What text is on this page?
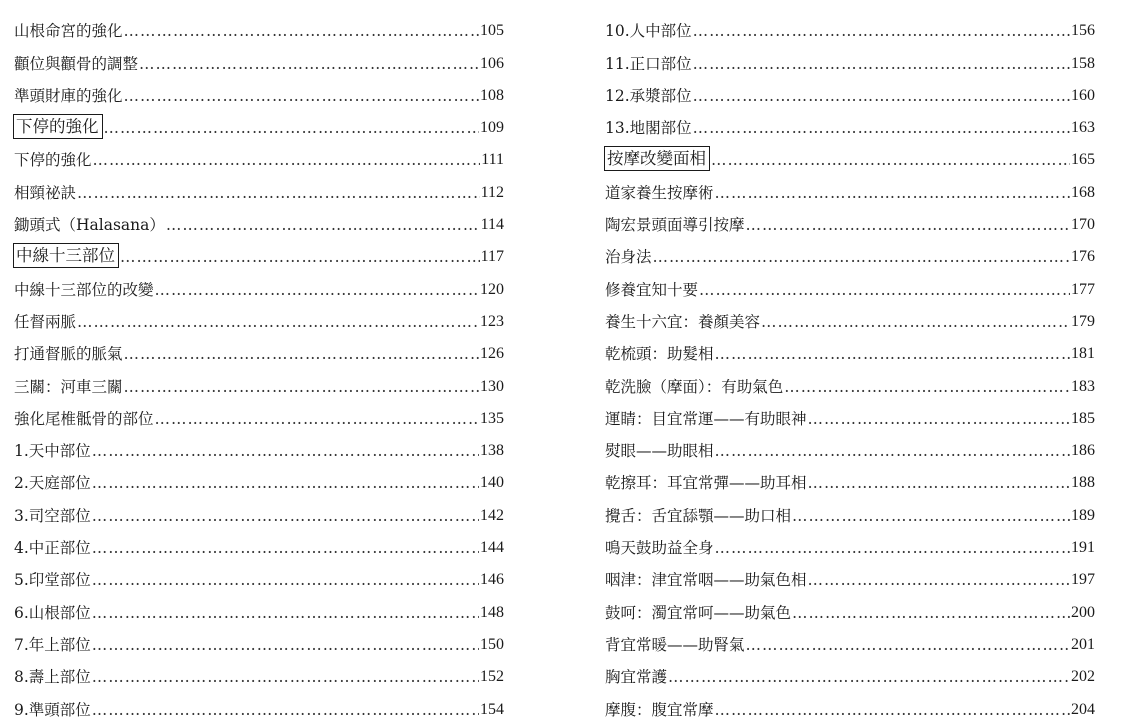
山根命宮的強化 …………………………………………………………………………………………………………………………………………………………	105
顴位與顴骨的調整 …………………………………………………………………………………………………………………………………………………………	106
準頭財庫的強化 …………………………………………………………………………………………………………………………………………………………	108
下停的強化 …………………………………………………………………………………………………………………………………………………………	109
下停的強化 …………………………………………………………………………………………………………………………………………………………	111
相頸祕訣 …………………………………………………………………………………………………………………………………………………………	112
鋤頭式（Halasana） …………………………………………………………………………………………………………………………………………………………	114
中線十三部位 …………………………………………………………………………………………………………………………………………………………	117
中線十三部位的改變 …………………………………………………………………………………………………………………………………………………………	120
任督兩脈 …………………………………………………………………………………………………………………………………………………………	123
打通督脈的脈氣 …………………………………………………………………………………………………………………………………………………………	126
三關：河車三關 …………………………………………………………………………………………………………………………………………………………	130
強化尾椎骶骨的部位 …………………………………………………………………………………………………………………………………………………………	135
1.天中部位 …………………………………………………………………………………………………………………………………………………………	138
2.天庭部位 …………………………………………………………………………………………………………………………………………………………	140
3.司空部位 …………………………………………………………………………………………………………………………………………………………	142
4.中正部位 …………………………………………………………………………………………………………………………………………………………	144
5.印堂部位 …………………………………………………………………………………………………………………………………………………………	146
6.山根部位 …………………………………………………………………………………………………………………………………………………………	148
7.年上部位 …………………………………………………………………………………………………………………………………………………………	150
8.壽上部位 …………………………………………………………………………………………………………………………………………………………	152
9.準頭部位 …………………………………………………………………………………………………………………………………………………………	154
10.人中部位 …………………………………………………………………………………………………………………………………………………………	156
11.正口部位 …………………………………………………………………………………………………………………………………………………………	158
12.承漿部位 …………………………………………………………………………………………………………………………………………………………	160
13.地閣部位 …………………………………………………………………………………………………………………………………………………………	163
按摩改變面相 …………………………………………………………………………………………………………………………………………………………	165
道家養生按摩術 …………………………………………………………………………………………………………………………………………………………	168
陶宏景頭面導引按摩 …………………………………………………………………………………………………………………………………………………………	170
治身法 …………………………………………………………………………………………………………………………………………………………	176
修養宜知十要 …………………………………………………………………………………………………………………………………………………………	177
養生十六宜：養顏美容 …………………………………………………………………………………………………………………………………………………………	179
乾梳頭：助髮相 …………………………………………………………………………………………………………………………………………………………	181
乾洗臉（摩面）：有助氣色 …………………………………………………………………………………………………………………………………………………………	183
運睛：目宜常運——有助眼神 …………………………………………………………………………………………………………………………………………………………	185
熨眼——助眼相 …………………………………………………………………………………………………………………………………………………………	186
乾擦耳：耳宜常彈——助耳相 …………………………………………………………………………………………………………………………………………………………	188
攪舌：舌宜舔顎——助口相 …………………………………………………………………………………………………………………………………………………………	189
鳴天鼓助益全身 …………………………………………………………………………………………………………………………………………………………	191
咽津：津宜常咽——助氣色相 …………………………………………………………………………………………………………………………………………………………	197
鼓呵：濁宜常呵——助氣色 …………………………………………………………………………………………………………………………………………………………	200
背宜常暖——助腎氣 …………………………………………………………………………………………………………………………………………………………	201
胸宜常護 …………………………………………………………………………………………………………………………………………………………	202
摩腹：腹宜常摩 …………………………………………………………………………………………………………………………………………………………	204
